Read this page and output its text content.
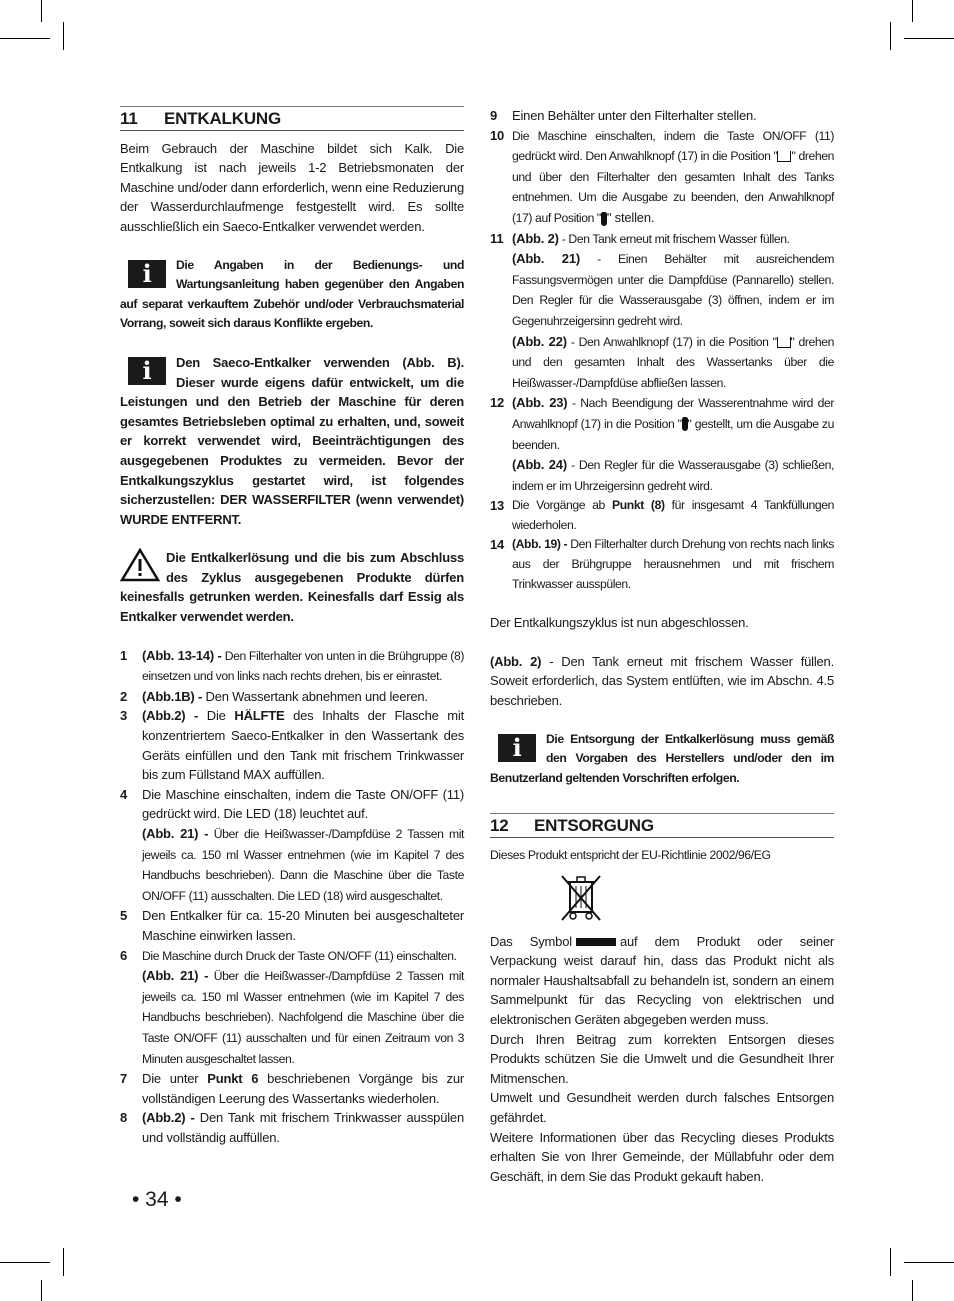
11	ENTKALKUNG

Beim Gebrauch der Maschine bildet sich Kalk. Die Entkalkung ist nach jeweils 1-2 Betriebsmonaten der Maschine und/oder dann erforderlich, wenn eine Reduzierung der Wasserdurchlaufmenge festgestellt wird. Es sollte ausschließlich ein Saeco-Entkalker verwendet werden.

i	Die Angaben in der Bedienungs- und Wartungsanleitung haben gegenüber den Angaben auf separat verkauftem Zubehör und/oder Verbrauchsmaterial Vorrang, soweit sich daraus Konflikte ergeben.
i	Den Saeco-Entkalker verwenden (Abb. B). Dieser wurde eigens dafür entwickelt, um die Leistungen und den Betrieb der Maschine für deren gesamtes Betriebsleben optimal zu erhalten, und, soweit er korrekt verwendet wird, Beeinträchtigungen des ausgegebenen Produktes zu vermeiden. Bevor der Entkalkungszyklus gestartet wird, ist folgendes sicherzustellen: DER WASSERFILTER (wenn verwendet) WURDE ENTFERNT.
Die Entkalkerlösung und die bis zum Abschluss des Zyklus ausgegebenen Produkte dürfen keinesfalls getrunken werden. Keinesfalls darf Essig als Entkalker verwendet werden.
1	(Abb. 13-14) - Den Filterhalter von unten in die Brühgruppe (8) einsetzen und von links nach rechts drehen, bis er einrastet.
2	(Abb.1B) - Den Wassertank abnehmen und leeren.
3	(Abb.2) - Die HÄLFTE des Inhalts der Flasche mit konzentriertem Saeco-Entkalker in den Wassertank des Geräts einfüllen und den Tank mit frischem Trinkwasser bis zum Füllstand MAX auffüllen.
4	Die Maschine einschalten, indem die Taste ON/OFF (11) gedrückt wird. Die LED (18) leuchtet auf.
(Abb. 21) - Über die Heißwasser-/Dampfdüse 2 Tassen mit jeweils ca. 150 ml Wasser entnehmen (wie im Kapitel 7 des Handbuchs beschrieben). Dann die Maschine über die Taste ON/OFF (11) ausschalten. Die LED (18) wird ausgeschaltet.
5	Den Entkalker für ca. 15-20 Minuten bei ausgeschalteter Maschine einwirken lassen.
6	Die Maschine durch Druck der Taste ON/OFF (11) einschalten.
(Abb. 21) - Über die Heißwasser-/Dampfdüse 2 Tassen mit jeweils ca. 150 ml Wasser entnehmen (wie im Kapitel 7 des Handbuchs beschrieben). Nachfolgend die Maschine über die Taste ON/OFF (11) ausschalten und für einen Zeitraum von 3 Minuten ausgeschaltet lassen.
7	Die unter Punkt 6 beschriebenen Vorgänge bis zur vollständigen Leerung des Wassertanks wiederholen.
8	(Abb.2) - Den Tank mit frischem Trinkwasser ausspülen und vollständig auffüllen.
• 34 •
9	Einen Behälter unter den Filterhalter stellen.
10 Die Maschine einschalten, indem die Taste ON/OFF (11) gedrückt wird. Den Anwahlknopf (17) in die Position " " drehen und über den Filterhalter den gesamten Inhalt des Tanks entnehmen. Um die Ausgabe zu beenden, den Anwahlknopf (17) auf Position " " stellen.
11 (Abb. 2) - Den Tank erneut mit frischem Wasser füllen.
(Abb. 21) - Einen Behälter mit ausreichendem Fassungsvermögen unter die Dampfdüse (Pannarello) stellen. Den Regler für die Wasserausgabe (3) öffnen, indem er im Gegenuhrzeigersinn gedreht wird.
(Abb. 22) - Den Anwahlknopf (17) in die Position " " drehen und den gesamten Inhalt des Wassertanks über die Heißwasser-/Dampfdüse abfließen lassen.
12 (Abb. 23) - Nach Beendigung der Wasserentnahme wird der Anwahlknopf (17) in die Position " " gestellt, um die Ausgabe zu beenden.
(Abb. 24) - Den Regler für die Wasserausgabe (3) schließen, indem er im Uhrzeigersinn gedreht wird.
13 Die Vorgänge ab Punkt (8) für insgesamt 4 Tankfüllungen wiederholen.
14 (Abb. 19) - Den Filterhalter durch Drehung von rechts nach links aus der Brühgruppe herausnehmen und mit frischem Trinkwasser ausspülen.

Der Entkalkungszyklus ist nun abgeschlossen.

(Abb. 2) - Den Tank erneut mit frischem Wasser füllen. Soweit erforderlich, das System entlüften, wie im Abschn. 4.5 beschrieben.

i	Die Entsorgung der Entkalkerlösung muss gemäß den Vorgaben des Herstellers und/oder den im Benutzerland geltenden Vorschriften erfolgen.
12	ENTSORGUNG

Dieses Produkt entspricht der EU-Richtlinie 2002/96/EG

Das Symbol	auf dem Produkt oder seiner Verpackung weist darauf hin, dass das Produkt nicht als normaler Haushaltsabfall zu behandeln ist, sondern an einem Sammelpunkt für das Recycling von elektrischen und elektronischen Geräten abgegeben werden muss.

Durch Ihren Beitrag zum korrekten Entsorgen dieses Produkts schützen Sie die Umwelt und die Gesundheit Ihrer Mitmenschen.

Umwelt und Gesundheit werden durch falsches Entsorgen gefährdet.

Weitere Informationen über das Recycling dieses Produkts erhalten Sie von Ihrer Gemeinde, der Müllabfuhr oder dem Geschäft, in dem Sie das Produkt gekauft haben.
